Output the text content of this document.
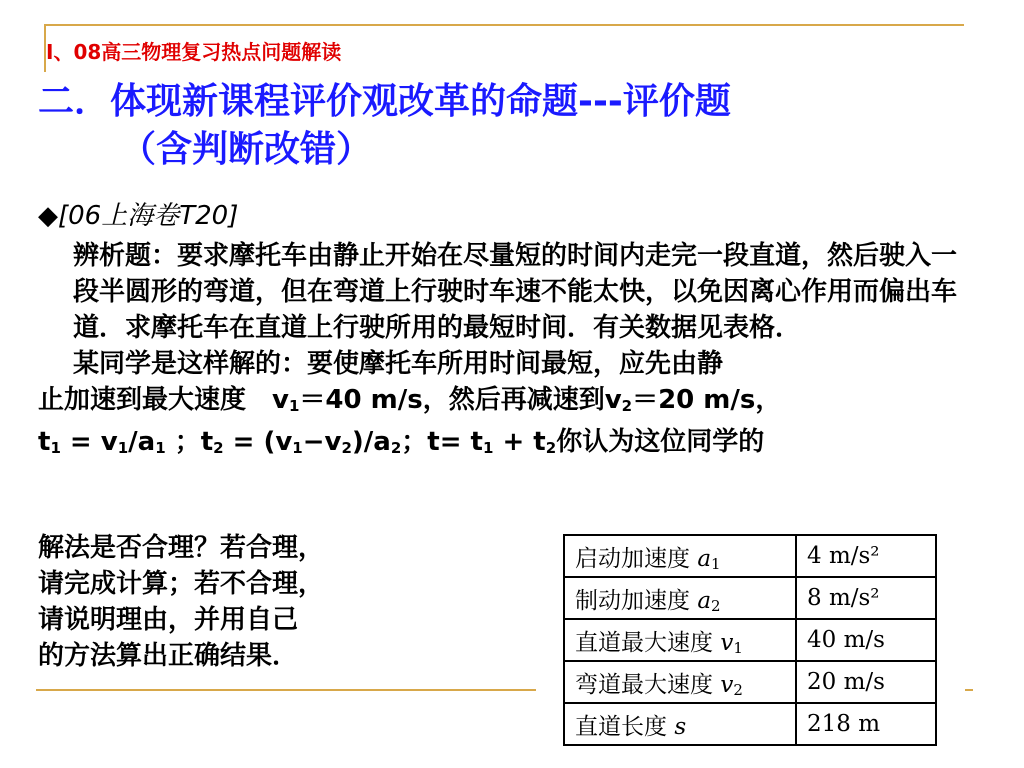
Ⅰ、08高三物理复习热点问题解读
二．体现新课程评价观改革的命题---评价题
（含判断改错）
◆[06上海卷T20]

辨析题：要求摩托车由静止开始在尽量短的时间内走完一段直道，然后驶入一段半圆形的弯道，但在弯道上行驶时车速不能太快，以免因离心作用而偏出车道．求摩托车在直道上行驶所用的最短时间．有关数据见表格．

某同学是这样解的：要使摩托车所用时间最短，应先由静

止加速到最大速度　$v_1=40$ m/s，然后再减速到$v_2=20$ m/s，

$t_1 = v_1/a_1$ ；$t_2 = (v_1-v_2)/a_2$；$t= t_1 + t_2$你认为这位同学的

解法是否合理？若合理，
请完成计算；若不合理，
请说明理由，并用自己
的方法算出正确结果．
启动加速度 $a_1$	4 m/s²
制动加速度 $a_2$	8 m/s²
直道最大速度 $v_1$	40 m/s
弯道最大速度 $v_2$	20 m/s
直道长度 s	218 m
